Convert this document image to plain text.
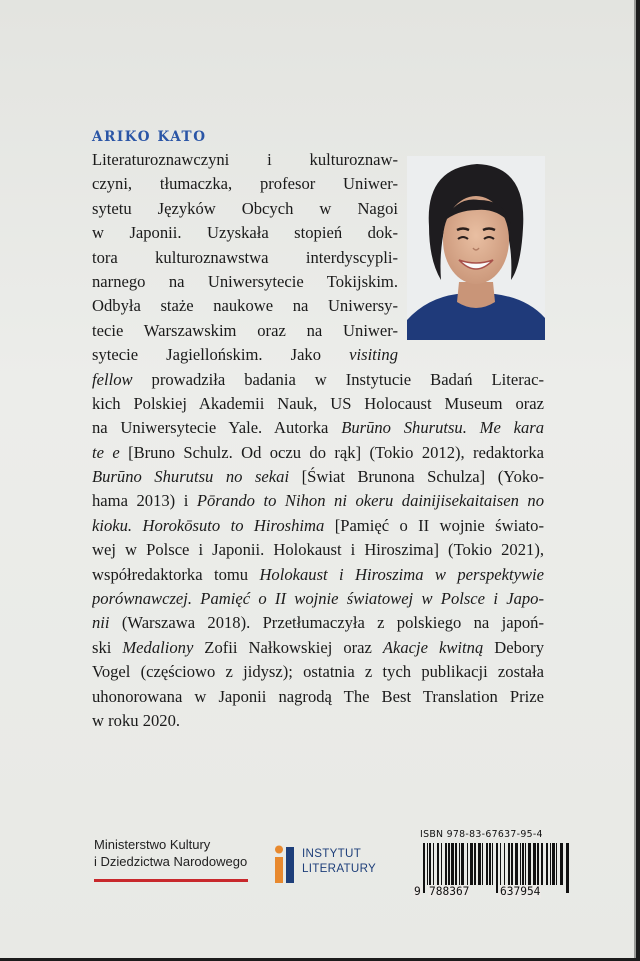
ARIKO KATO
Literaturoznawczyni i kulturoznaw-
czyni, tłumaczka, profesor Uniwer-
sytetu Języków Obcych w Nagoi
w Japonii. Uzyskała stopień dok-
tora kulturoznawstwa interdyscypli-
narnego na Uniwersytecie Tokijskim.
Odbyła staże naukowe na Uniwersy-
tecie Warszawskim oraz na Uniwer-
sytecie Jagiellońskim. Jako visiting
fellow prowadziła badania w Instytucie Badań Literac-
kich Polskiej Akademii Nauk, US Holocaust Museum oraz
na Uniwersytecie Yale. Autorka Burūno Shurutsu. Me kara
te e [Bruno Schulz. Od oczu do rąk] (Tokio 2012), redaktorka
Burūno Shurutsu no sekai [Świat Brunona Schulza] (Yoko-
hama 2013) i Pōrando to Nihon ni okeru dainijisekaitaisen no
kioku. Horokōsuto to Hiroshima [Pamięć o II wojnie świato-
wej w Polsce i Japonii. Holokaust i Hiroszima] (Tokio 2021),
współredaktorka tomu Holokaust i Hiroszima w perspektywie
porównawczej. Pamięć o II wojnie światowej w Polsce i Japo-
nii (Warszawa 2018). Przetłumaczyła z polskiego na japoń-
ski Medaliony Zofii Nałkowskiej oraz Akacje kwitną Debory
Vogel (częściowo z jidysz); ostatnia z tych publikacji została
uhonorowana w Japonii nagrodą The Best Translation Prize
w roku 2020.
Ministerstwo Kultury
i Dziedzictwa Narodowego
INSTYTUT
LITERATURY
ISBN 978-83-67637-95-4
9 788367	637954
